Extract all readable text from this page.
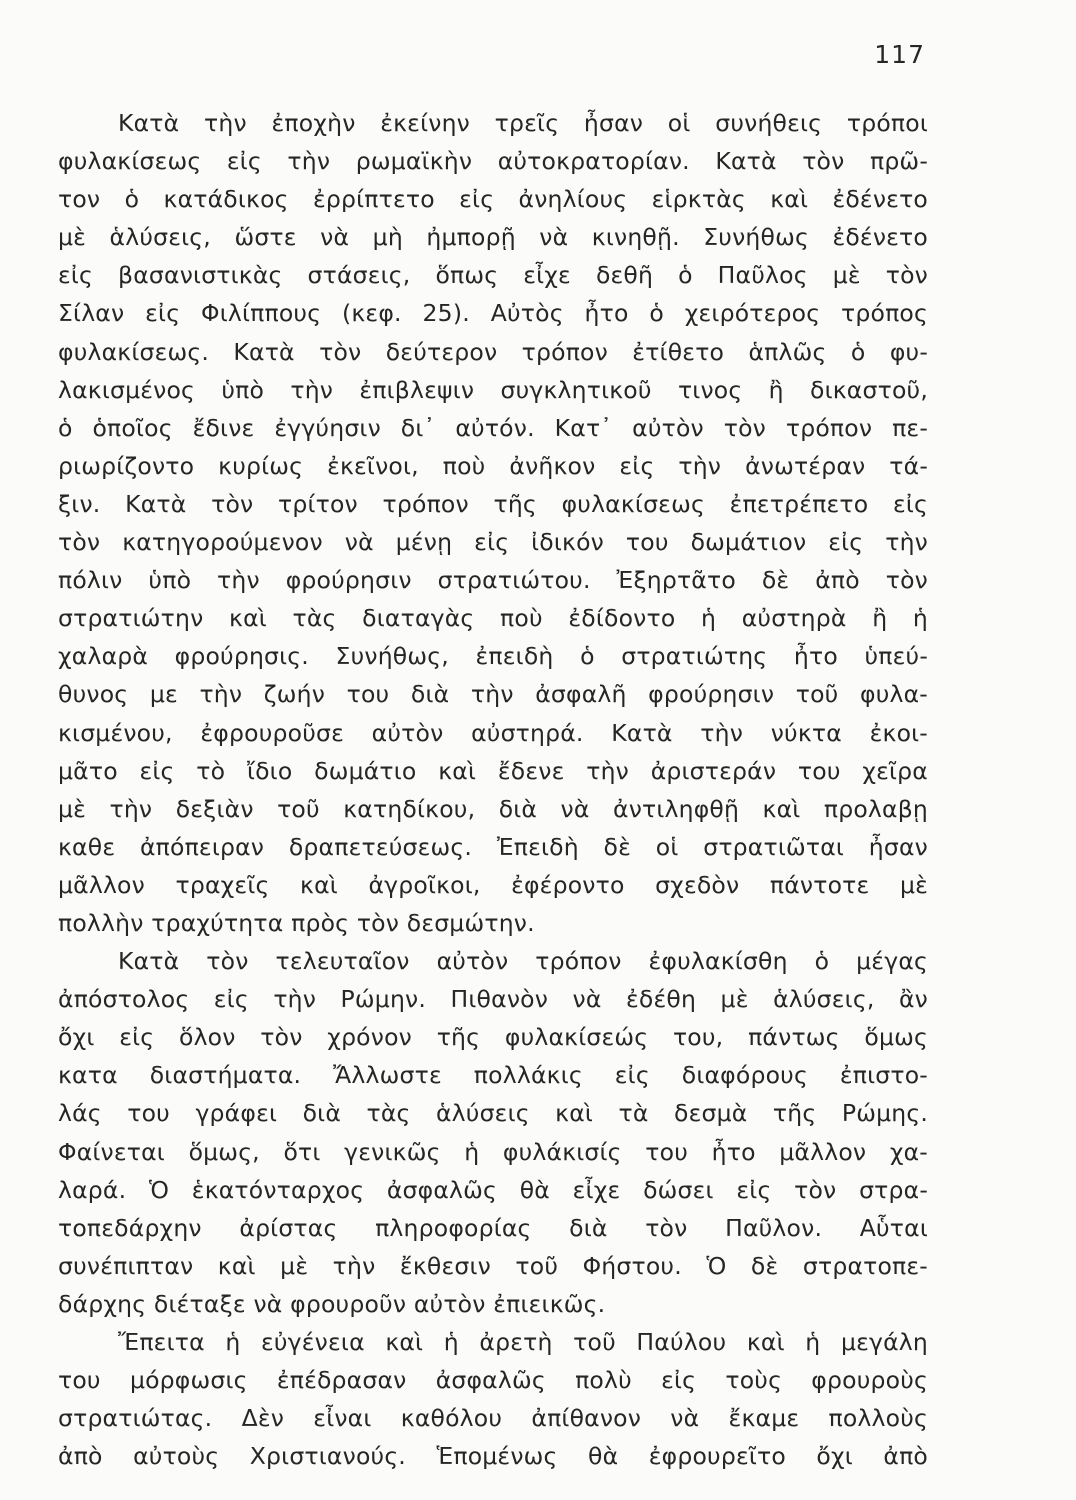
117
Κατὰ τὴν ἐποχὴν ἐκείνην τρεῖς ἦσαν οἱ συνήθεις τρόποι
φυλακίσεως εἰς τὴν ρωμαϊκὴν αὐτοκρατορίαν. Κατὰ τὸν πρῶ-
τον ὁ κατάδικος ἐρρίπτετο εἰς ἀνηλίους εἱρκτὰς καὶ ἐδένετο
μὲ ἁλύσεις, ὥστε νὰ μὴ ἠμπορῇ νὰ κινηθῇ. Συνήθως ἐδένετο
εἰς βασανιστικὰς στάσεις, ὅπως εἶχε δεθῆ ὁ Παῦλος μὲ τὸν
Σίλαν εἰς Φιλίππους (κεφ. 25). Αὐτὸς ἦτο ὁ χειρότερος τρόπος
φυλακίσεως. Κατὰ τὸν δεύτερον τρόπον ἐτίθετο ἁπλῶς ὁ φυ-
λακισμένος ὑπὸ τὴν ἐπιβλεψιν συγκλητικοῦ τινος ἢ δικαστοῦ,
ὁ ὁποῖος ἔδινε ἐγγύησιν δι᾽ αὐτόν. Κατ᾽ αὐτὸν τὸν τρόπον πε-
ριωρίζοντο κυρίως ἐκεῖνοι, ποὺ ἀνῆκον εἰς τὴν ἀνωτέραν τά-
ξιν. Κατὰ τὸν τρίτον τρόπον τῆς φυλακίσεως ἐπετρέπετο εἰς
τὸν κατηγορούμενον νὰ μένῃ εἰς ἰδικόν του δωμάτιον εἰς τὴν
πόλιν ὑπὸ τὴν φρούρησιν στρατιώτου. Ἐξηρτᾶτο δὲ ἀπὸ τὸν
στρατιώτην καὶ τὰς διαταγὰς ποὺ ἐδίδοντο ἡ αὐστηρὰ ἢ ἡ
χαλαρὰ φρούρησις. Συνήθως, ἐπειδὴ ὁ στρατιώτης ἦτο ὑπεύ-
θυνος με τὴν ζωήν του διὰ τὴν ἀσφαλῆ φρούρησιν τοῦ φυλα-
κισμένου, ἐφρουροῦσε αὐτὸν αὐστηρά. Κατὰ τὴν νύκτα ἐκοι-
μᾶτο εἰς τὸ ἴδιο δωμάτιο καὶ ἔδενε τὴν ἀριστεράν του χεῖρα
μὲ τὴν δεξιὰν τοῦ κατηδίκου, διὰ νὰ ἀντιληφθῇ καὶ προλαβῃ
καθε ἀπόπειραν δραπετεύσεως. Ἐπειδὴ δὲ οἱ στρατιῶται ἦσαν
μᾶλλον τραχεῖς καὶ ἀγροῖκοι, ἐφέροντο σχεδὸν πάντοτε μὲ
πολλὴν τραχύτητα πρὸς τὸν δεσμώτην.
Κατὰ τὸν τελευταῖον αὐτὸν τρόπον ἐφυλακίσθη ὁ μέγας
ἀπόστολος εἰς τὴν Ρώμην. Πιθανὸν νὰ ἐδέθη μὲ ἁλύσεις, ἂν
ὄχι εἰς ὅλον τὸν χρόνον τῆς φυλακίσεώς του, πάντως ὅμως
κατα διαστήματα. Ἄλλωστε πολλάκις εἰς διαφόρους ἐπιστο-
λάς του γράφει διὰ τὰς ἁλύσεις καὶ τὰ δεσμὰ τῆς Ρώμης.
Φαίνεται ὅμως, ὅτι γενικῶς ἡ φυλάκισίς του ἦτο μᾶλλον χα-
λαρά. Ὁ ἑκατόνταρχος ἀσφαλῶς θὰ εἶχε δώσει εἰς τὸν στρα-
τοπεδάρχην ἀρίστας πληροφορίας διὰ τὸν Παῦλον. Αὗται
συνέπιπταν καὶ μὲ τὴν ἔκθεσιν τοῦ Φήστου. Ὁ δὲ στρατοπε-
δάρχης διέταξε νὰ φρουροῦν αὐτὸν ἐπιεικῶς.
Ἔπειτα ἡ εὐγένεια καὶ ἡ ἀρετὴ τοῦ Παύλου καὶ ἡ μεγάλη
του μόρφωσις ἐπέδρασαν ἀσφαλῶς πολὺ εἰς τοὺς φρουροὺς
στρατιώτας. Δὲν εἶναι καθόλου ἀπίθανον νὰ ἔκαμε πολλοὺς
ἀπὸ αὐτοὺς Χριστιανούς. Ἑπομένως θὰ ἐφρουρεῖτο ὄχι ἀπὸ
